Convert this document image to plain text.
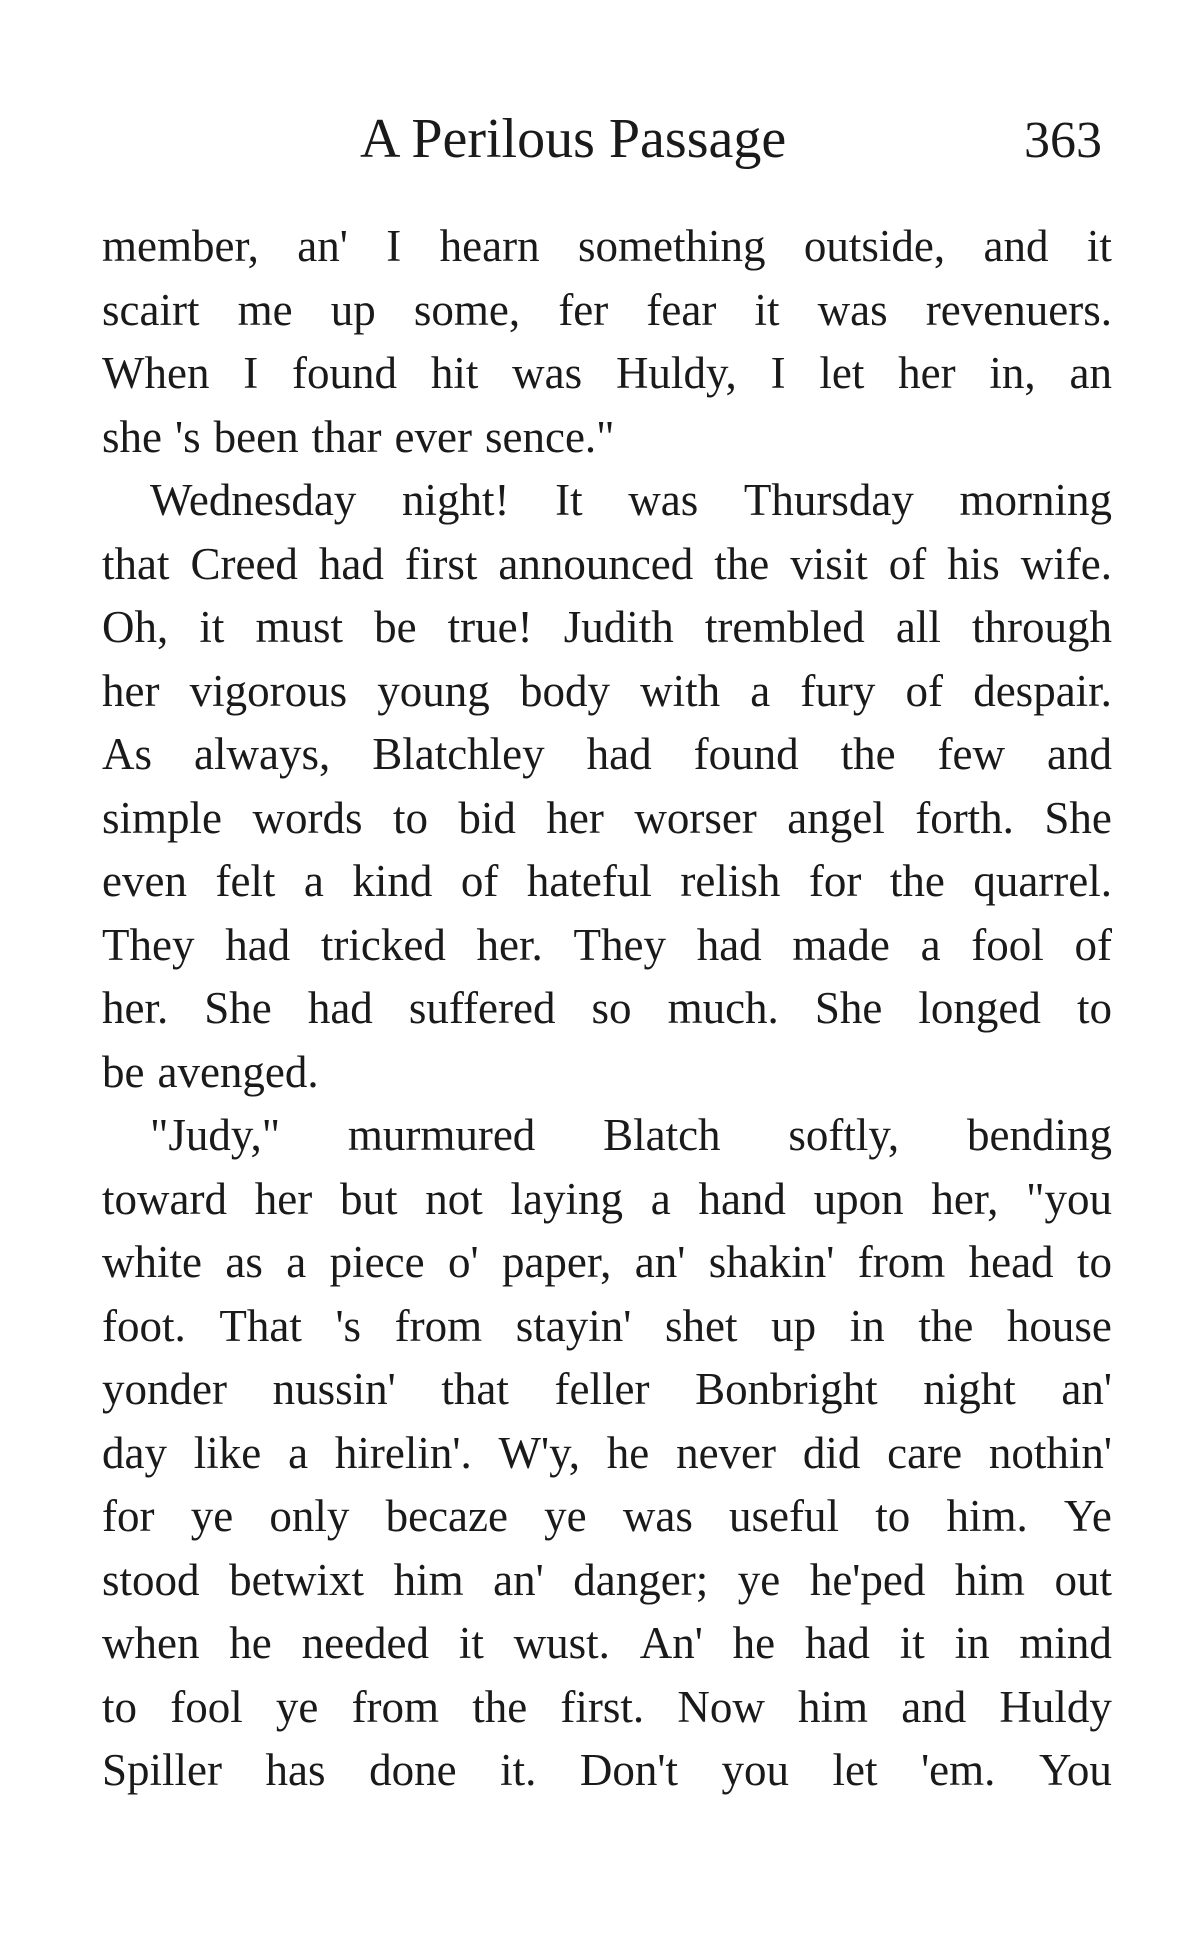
A Perilous Passage	363
member, an' I hearn something outside, and it
scairt me up some, fer fear it was revenuers.
When I found hit was Huldy, I let her in, an
she 's been thar ever sence."
Wednesday night! It was Thursday morning
that Creed had first announced the visit of his wife.
Oh, it must be true! Judith trembled all through
her vigorous young body with a fury of despair.
As always, Blatchley had found the few and
simple words to bid her worser angel forth. She
even felt a kind of hateful relish for the quarrel.
They had tricked her. They had made a fool of
her. She had suffered so much. She longed to
be avenged.
"Judy," murmured Blatch softly, bending
toward her but not laying a hand upon her, "you
white as a piece o' paper, an' shakin' from head to
foot. That 's from stayin' shet up in the house
yonder nussin' that feller Bonbright night an'
day like a hirelin'. W'y, he never did care nothin'
for ye only becaze ye was useful to him. Ye
stood betwixt him an' danger; ye he'ped him out
when he needed it wust. An' he had it in mind
to fool ye from the first. Now him and Huldy
Spiller has done it. Don't you let 'em. You
